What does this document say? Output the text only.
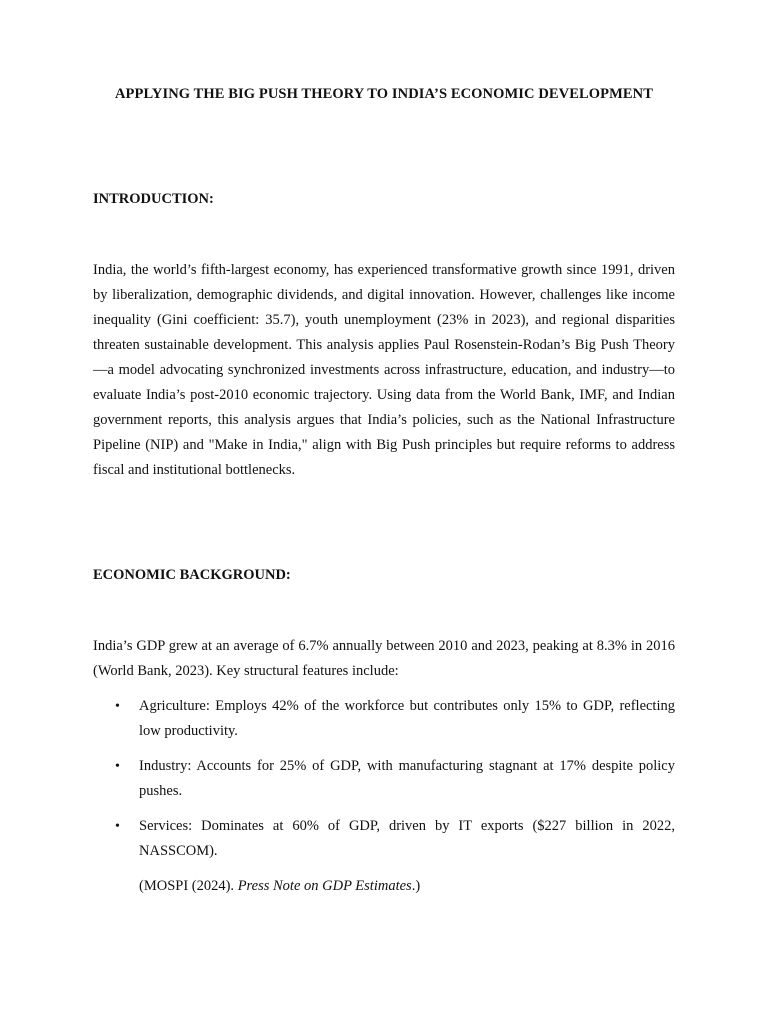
APPLYING THE BIG PUSH THEORY TO INDIA’S ECONOMIC DEVELOPMENT
INTRODUCTION:

India, the world’s fifth-largest economy, has experienced transformative growth since 1991, driven by liberalization, demographic dividends, and digital innovation. However, challenges like income inequality (Gini coefficient: 35.7), youth unemployment (23% in 2023), and regional disparities threaten sustainable development. This analysis applies Paul Rosenstein-Rodan’s Big Push Theory—a model advocating synchronized investments across infrastructure, education, and industry—to evaluate India’s post-2010 economic trajectory. Using data from the World Bank, IMF, and Indian government reports, this analysis argues that India’s policies, such as the National Infrastructure Pipeline (NIP) and "Make in India," align with Big Push principles but require reforms to address fiscal and institutional bottlenecks.

ECONOMIC BACKGROUND:

India’s GDP grew at an average of 6.7% annually between 2010 and 2023, peaking at 8.3% in 2016 (World Bank, 2023). Key structural features include:

• Agriculture: Employs 42% of the workforce but contributes only 15% to GDP, reflecting low productivity.
• Industry: Accounts for 25% of GDP, with manufacturing stagnant at 17% despite policy pushes.
• Services: Dominates at 60% of GDP, driven by IT exports ($227 billion in 2022, NASSCOM).
(MOSPI (2024). Press Note on GDP Estimates.)
